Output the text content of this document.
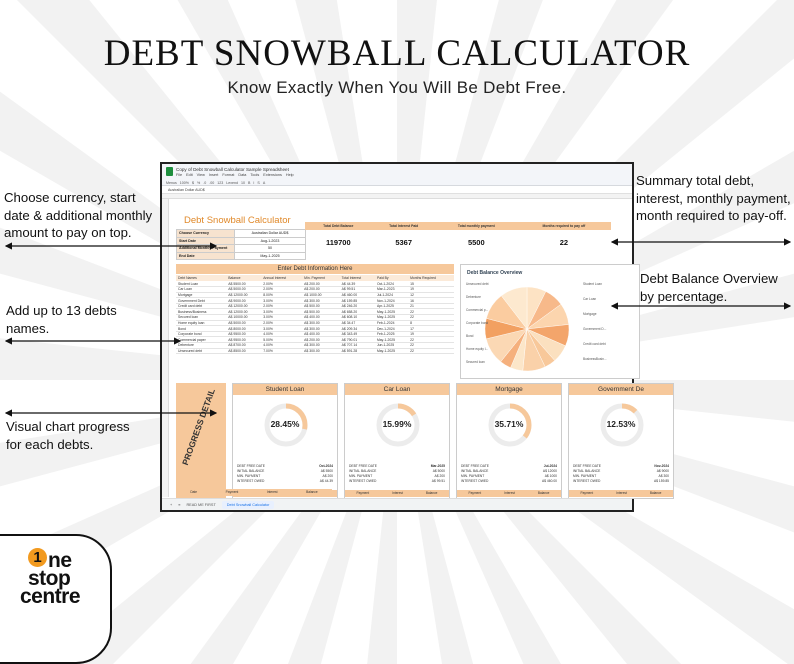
DEBT SNOWBALL CALCULATOR
Know Exactly When You Will Be Debt Free.
Choose currency, start date & additional monthly amount to pay on top.
Add up to 13 debts names.
Visual chart progress for each debts.
Summary total debt, interest, monthly payment, month required to pay-off.
Debt Balance Overview by percentage.
Copy of Debt Snowball Calculator Sample Spreadsheet
File Edit View Insert Format Data Tools Extensions Help
Menus 100% $ % .0 .00 123 Lexend 10 B I S A
Australian Dollar AUD$
Debt Snowball Calculator
Choose Currency	Australian Dollar AUD$
Start Date	Aug-1-2023
Additional Monthly Payment	50
End Date	May-1-2025
Total Debt Balance	Total Interest Paid	Total monthly payment	Months required to pay off
119700	5367	5500	22
Enter Debt Information Here
Debt Names	Balance	Annual Interest	Min. Payment	Total Interest	Paid By	Months Required
Student Loan	A$ 5500.00	2.00%	A$ 200.00	A$ 44.39	Oct-1-2024	15
Car Loan	A$ 5000.00	2.00%	A$ 200.00	A$ 99.51	Mar-1-2023	19
Mortgage	A$ 12000.00	8.00%	A$ 1000.00	A$ 460.00	Jul-1-2024	12
Government Debt	A$ 9000.00	3.00%	A$ 300.00	A$ 159.85	Nov-1-2024	16
Credit card debt	A$ 12000.00	2.00%	A$ 500.00	A$ 246.20	Apr-1-2025	21
Business/Business	A$ 12000.00	3.00%	A$ 500.00	A$ 658.20	May-1-2025	22
Secured loan	A$ 10000.00	3.00%	A$ 400.00	A$ 608.10	May-1-2025	22
Home equity loan	A$ 5000.00	2.00%	A$ 300.00	A$ 34.47	Feb-1-2024	8
Bond	A$ 8000.00	3.00%	A$ 300.00	A$ 209.34	Dec-1-2024	17
Corporate bond	A$ 9500.00	4.00%	A$ 400.00	A$ 343.49	Feb-1-2025	19
Commercial paper	A$ 9500.00	5.00%	A$ 200.00	A$ 790.01	May-1-2025	22
Debenture	A$ 8700.00	4.00%	A$ 300.00	A$ 707.14	Jun-1-2025	22
Unsecured debt	A$ 8500.00	7.00%	A$ 300.00	A$ 591.28	May-1-2025	22
Debt Balance Overview
Unsecured debt
Debenture
Commercial p...
Corporate bond
Bond
Home equity l...
Secured loan
Student Loan
Car Loan
Mortgage
Government D...
Credit card debt
BusinessBusin...
PROGRESS DETAIL	Student Loan
28.45%
DEBT FREE DATE	Oct-2024
INITIAL BALANCE	A$ 5500
MIN. PAYMENT	A$ 200
INTEREST OWED	A$ 44.39
Car Loan
15.99%
DEBT FREE DATE	Mar-2025
INITIAL BALANCE	A$ 5000
MIN. PAYMENT	A$ 200
INTEREST OWED	A$ 99.51
Payment	Interest	Balance
Mortgage
35.71%
DEBT FREE DATE	Jul-2024
INITIAL BALANCE	A$ 12000
MIN. PAYMENT	A$ 1000
INTEREST OWED	A$ 460.00
Payment	Interest	Balance
Government De
12.53%
DEBT FREE DATE	Nov-2024
INITIAL BALANCE	A$ 9000
MIN. PAYMENT	A$ 300
INTEREST OWED	A$ 159.85
Payment	Interest	Balance
Date	Payment	Interest	Balance
+ ≡ READ ME FIRST	Debt Snowball Calculator
1 ne
stop
centre
